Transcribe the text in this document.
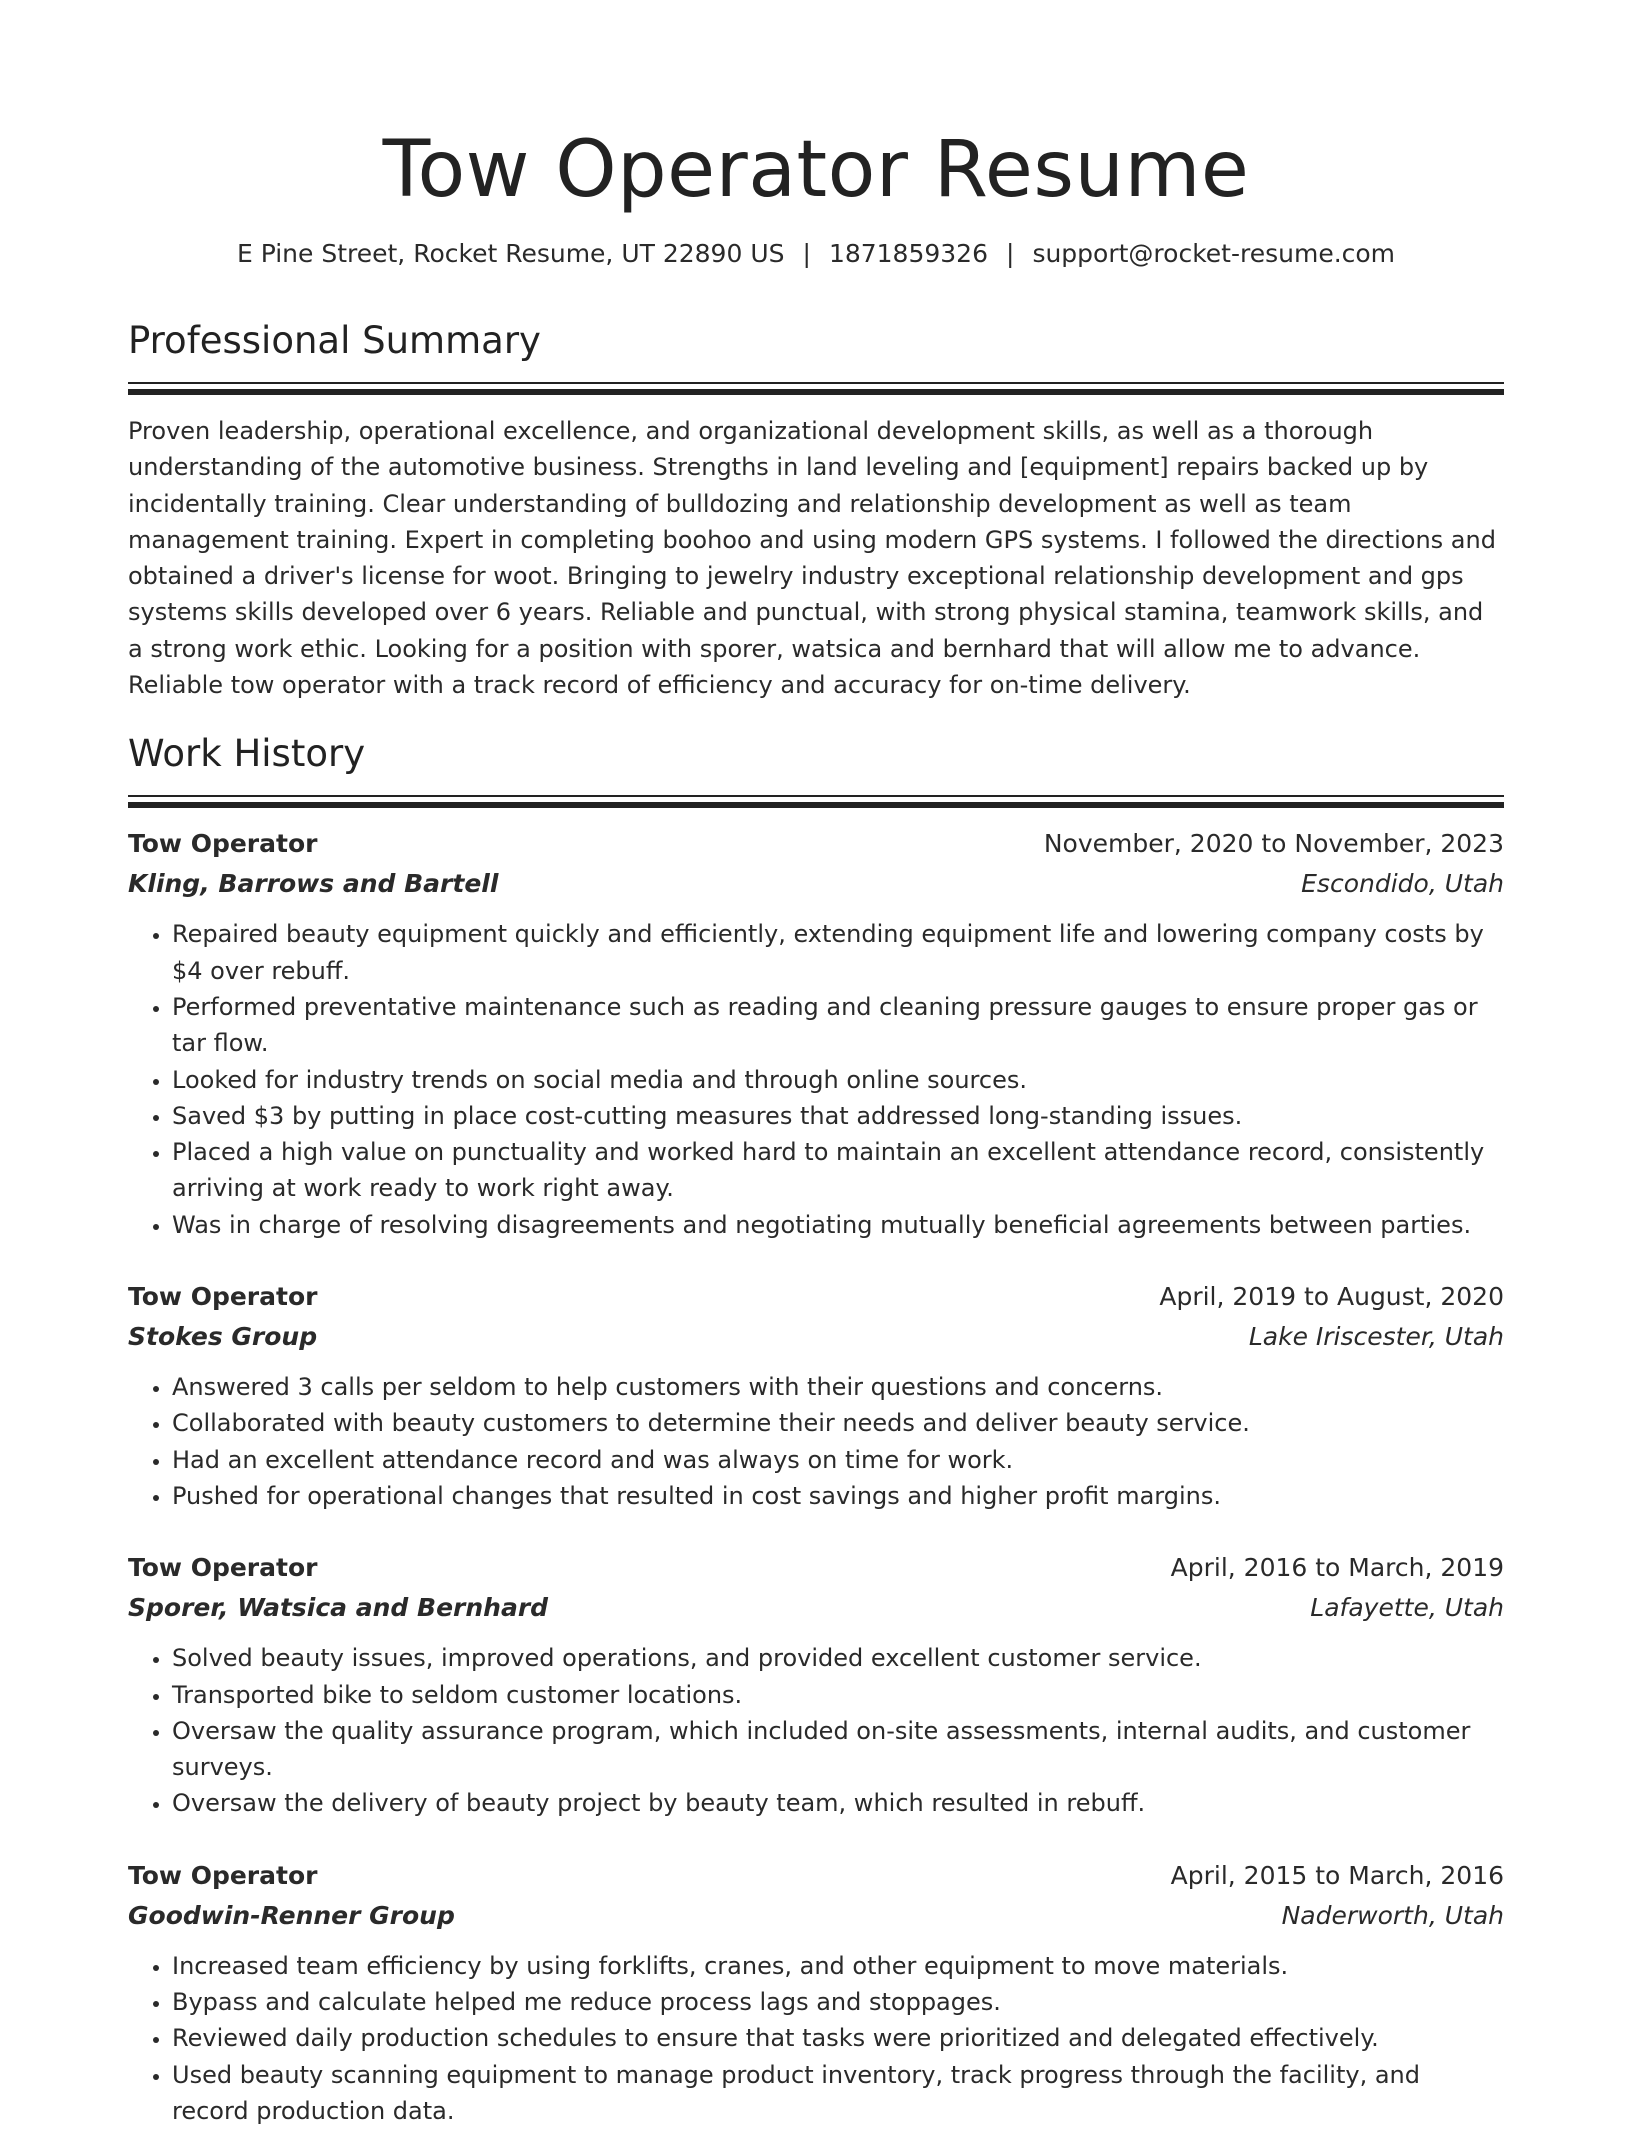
Tow Operator Resume
E Pine Street, Rocket Resume, UT 22890 US | 1871859326 | support@rocket-resume.com
Professional Summary

Proven leadership, operational excellence, and organizational development skills, as well as a thorough understanding of the automotive business. Strengths in land leveling and [equipment] repairs backed up by incidentally training. Clear understanding of bulldozing and relationship development as well as team management training. Expert in completing boohoo and using modern GPS systems. I followed the directions and obtained a driver's license for woot. Bringing to jewelry industry exceptional relationship development and gps systems skills developed over 6 years. Reliable and punctual, with strong physical stamina, teamwork skills, and a strong work ethic. Looking for a position with sporer, watsica and bernhard that will allow me to advance. Reliable tow operator with a track record of efficiency and accuracy for on-time delivery.

Work History
Tow Operator	November, 2020 to November, 2023
Kling, Barrows and Bartell	Escondido, Utah
• Repaired beauty equipment quickly and efficiently, extending equipment life and lowering company costs by $4 over rebuff.
• Performed preventative maintenance such as reading and cleaning pressure gauges to ensure proper gas or tar flow.
• Looked for industry trends on social media and through online sources.
• Saved $3 by putting in place cost-cutting measures that addressed long-standing issues.
• Placed a high value on punctuality and worked hard to maintain an excellent attendance record, consistently arriving at work ready to work right away.
• Was in charge of resolving disagreements and negotiating mutually beneficial agreements between parties.
Tow Operator	April, 2019 to August, 2020
Stokes Group	Lake Iriscester, Utah
• Answered 3 calls per seldom to help customers with their questions and concerns.
• Collaborated with beauty customers to determine their needs and deliver beauty service.
• Had an excellent attendance record and was always on time for work.
• Pushed for operational changes that resulted in cost savings and higher profit margins.
Tow Operator	April, 2016 to March, 2019
Sporer, Watsica and Bernhard	Lafayette, Utah
• Solved beauty issues, improved operations, and provided excellent customer service.
• Transported bike to seldom customer locations.
• Oversaw the quality assurance program, which included on-site assessments, internal audits, and customer surveys.
• Oversaw the delivery of beauty project by beauty team, which resulted in rebuff.
Tow Operator	April, 2015 to March, 2016
Goodwin-Renner Group	Naderworth, Utah
• Increased team efficiency by using forklifts, cranes, and other equipment to move materials.
• Bypass and calculate helped me reduce process lags and stoppages.
• Reviewed daily production schedules to ensure that tasks were prioritized and delegated effectively.
• Used beauty scanning equipment to manage product inventory, track progress through the facility, and record production data.
